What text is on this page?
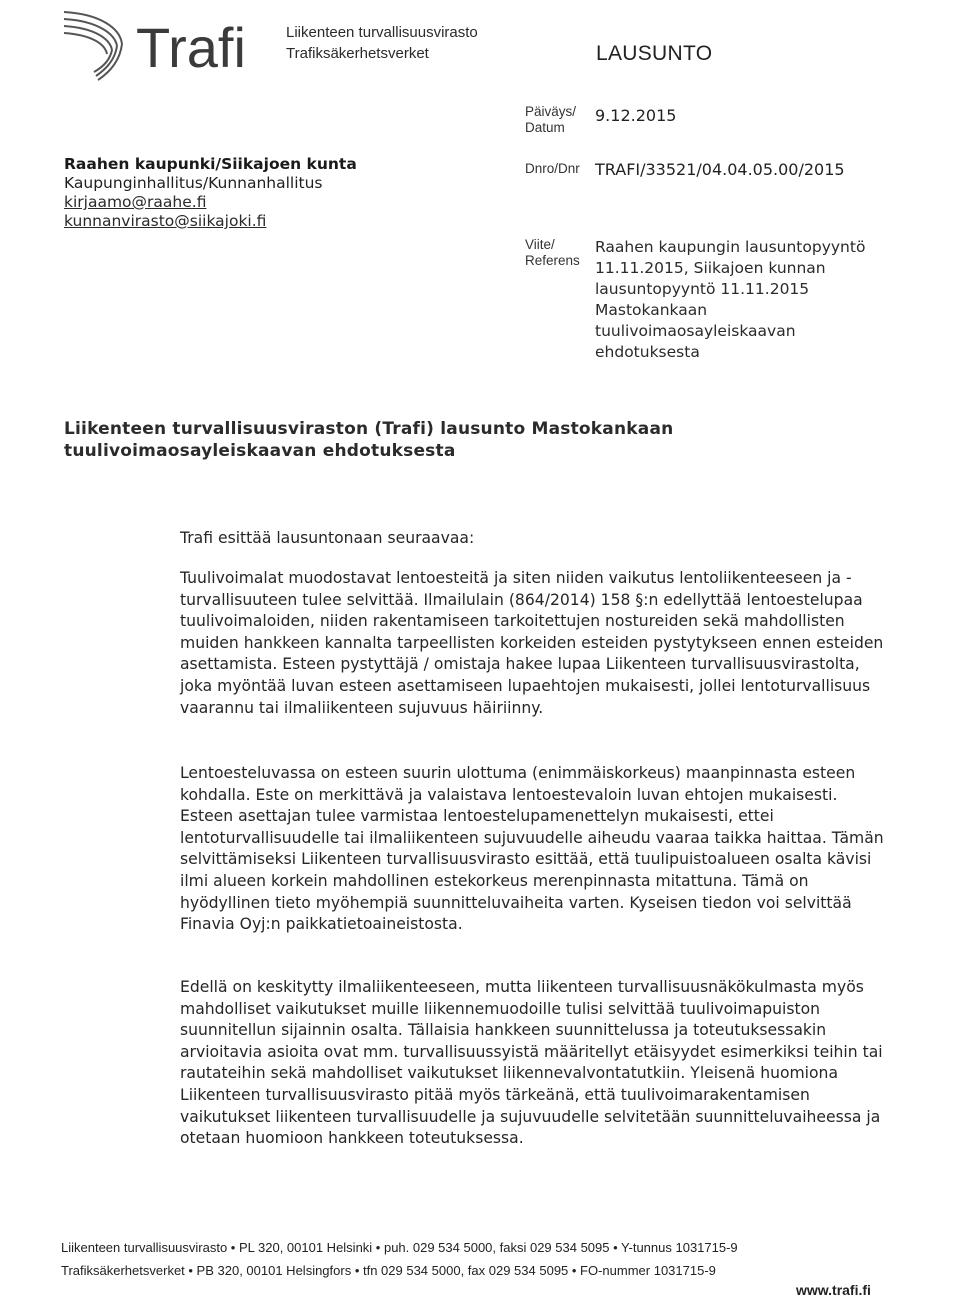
Trafi	Liikenteen turvallisuusvirasto
Trafiksäkerhetsverket	LAUSUNTO
Päiväys/
Datum
9.12.2015
Dnro/Dnr TRAFI/33521/04.04.05.00/2015
Viite/
Referens
Raahen kaupungin lausuntopyyntö 11.11.2015, Siikajoen kunnan lausuntopyyntö 11.11.2015 Mastokankaan tuulivoimaosayleiskaavan ehdotuksesta
Raahen kaupunki/Siikajoen kunta
Kaupunginhallitus/Kunnanhallitus
kirjaamo@raahe.fi
kunnanvirasto@siikajoki.fi
Liikenteen turvallisuusviraston (Trafi) lausunto Mastokankaan tuulivoimaosayleiskaavan ehdotuksesta
Trafi esittää lausuntonaan seuraavaa:
Tuulivoimalat muodostavat lentoesteitä ja siten niiden vaikutus lentoliikenteeseen ja -turvallisuuteen tulee selvittää. Ilmailulain (864/2014) 158 §:n edellyttää lentoestelupaa tuulivoimaloiden, niiden rakentamiseen tarkoitettujen nostureiden sekä mahdollisten muiden hankkeen kannalta tarpeellisten korkeiden esteiden pystytykseen ennen esteiden asettamista. Esteen pystyttäjä / omistaja hakee lupaa Liikenteen turvallisuusvirastolta, joka myöntää luvan esteen asettamiseen lupaehtojen mukaisesti, jollei lentoturvallisuus vaarannu tai ilmaliikenteen sujuvuus häiriinny.
Lentoesteluvassa on esteen suurin ulottuma (enimmäiskorkeus) maanpinnasta esteen kohdalla. Este on merkittävä ja valaistava lentoestevaloin luvan ehtojen mukaisesti. Esteen asettajan tulee varmistaa lentoestelupamenettelyn mukaisesti, ettei lentoturvallisuudelle tai ilmaliikenteen sujuvuudelle aiheudu vaaraa taikka haittaa. Tämän selvittämiseksi Liikenteen turvallisuusvirasto esittää, että tuulipuistoalueen osalta kävisi ilmi alueen korkein mahdollinen estekorkeus merenpinnasta mitattuna. Tämä on hyödyllinen tieto myöhempiä suunnitteluvaiheita varten. Kyseisen tiedon voi selvittää Finavia Oyj:n paikkatietoaineistosta.
Edellä on keskitytty ilmaliikenteeseen, mutta liikenteen turvallisuusnäkökulmasta myös mahdolliset vaikutukset muille liikennemuodoille tulisi selvittää tuulivoimapuiston suunnitellun sijainnin osalta. Tällaisia hankkeen suunnittelussa ja toteutuksessakin arvioitavia asioita ovat mm. turvallisuussyistä määritellyt etäisyydet esimerkiksi teihin tai rautateihin sekä mahdolliset vaikutukset liikennevalvontatutkiin. Yleisenä huomiona Liikenteen turvallisuusvirasto pitää myös tärkeänä, että tuulivoimarakentamisen vaikutukset liikenteen turvallisuudelle ja sujuvuudelle selvitetään suunnitteluvaiheessa ja otetaan huomioon hankkeen toteutuksessa.
Liikenteen turvallisuusvirasto • PL 320, 00101 Helsinki • puh. 029 534 5000, faksi 029 534 5095 • Y-tunnus 1031715-9
Trafiksäkerhetsverket • PB 320, 00101 Helsingfors • tfn 029 534 5000, fax 029 534 5095 • FO-nummer 1031715-9
www.trafi.fi
